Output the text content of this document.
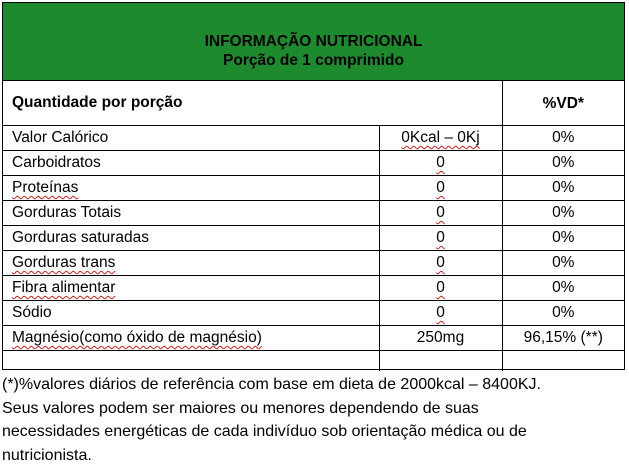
INFORMAÇÃO NUTRICIONAL
Porção de 1 comprimido
Quantidade por porção		%VD*
Valor Calórico	0Kcal – 0Kj	0%
Carboidratos	0	0%
Proteínas	0	0%
Gorduras Totais	0	0%
Gorduras saturadas	0	0%
Gorduras trans	0	0%
Fibra alimentar	0	0%
Sódio	0	0%
Magnésio(como óxido de magnésio)	250mg	96,15% (**)

(*)%valores diários de referência com base em dieta de 2000kcal – 8400KJ.
Seus valores podem ser maiores ou menores dependendo de suas
necessidades energéticas de cada indivíduo sob orientação médica ou de
nutricionista.
